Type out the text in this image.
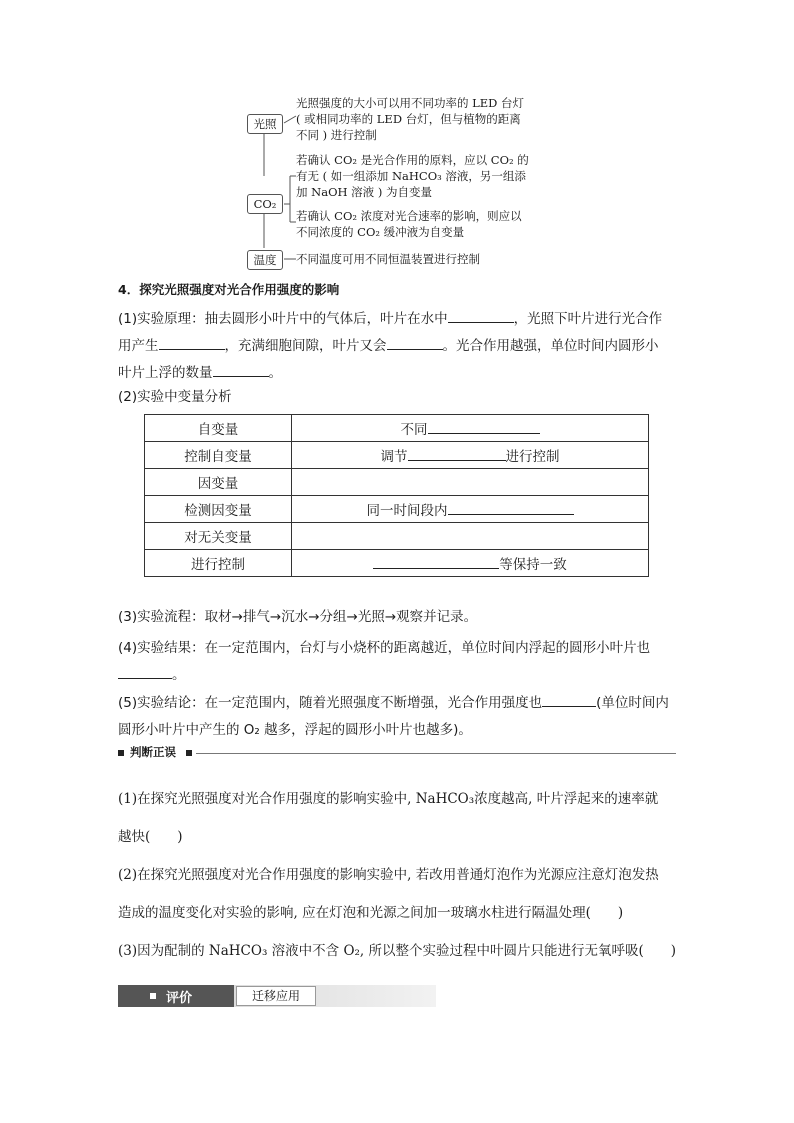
光照
CO₂
温度
光照强度的大小可以用不同功率的 LED 台灯
( 或相同功率的 LED 台灯，但与植物的距离
不同 ) 进行控制
若确认 CO₂ 是光合作用的原料，应以 CO₂ 的
有无 ( 如一组添加 NaHCO₃ 溶液，另一组添
加 NaOH 溶液 ) 为自变量
若确认 CO₂ 浓度对光合速率的影响，则应以
不同浓度的 CO₂ 缓冲液为自变量
不同温度可用不同恒温装置进行控制
4．探究光照强度对光合作用强度的影响
(1)实验原理：抽去圆形小叶片中的气体后，叶片在水中	，光照下叶片进行光合作
用产生	，充满细胞间隙，叶片又会	。光合作用越强，单位时间内圆形小
叶片上浮的数量	。
(2)实验中变量分析
自变量	不同
控制自变量	调节 进行控制
因变量	
检测因变量	同一时间段内
对无关变量	
进行控制	等保持一致
(3)实验流程：取材→排气→沉水→分组→光照→观察并记录。
(4)实验结果：在一定范围内，台灯与小烧杯的距离越近，单位时间内浮起的圆形小叶片也
。
(5)实验结论：在一定范围内，随着光照强度不断增强，光合作用强度也	(单位时间内
圆形小叶片中产生的 O₂ 越多，浮起的圆形小叶片也越多)。
判断正误
(1)在探究光照强度对光合作用强度的影响实验中, NaHCO₃浓度越高, 叶片浮起来的速率就
越快(　　)
(2)在探究光照强度对光合作用强度的影响实验中, 若改用普通灯泡作为光源应注意灯泡发热
造成的温度变化对实验的影响, 应在灯泡和光源之间加一玻璃水柱进行隔温处理(　　)
(3)因为配制的 NaHCO₃ 溶液中不含 O₂, 所以整个实验过程中叶圆片只能进行无氧呼吸(　　)
评价	迁移应用
